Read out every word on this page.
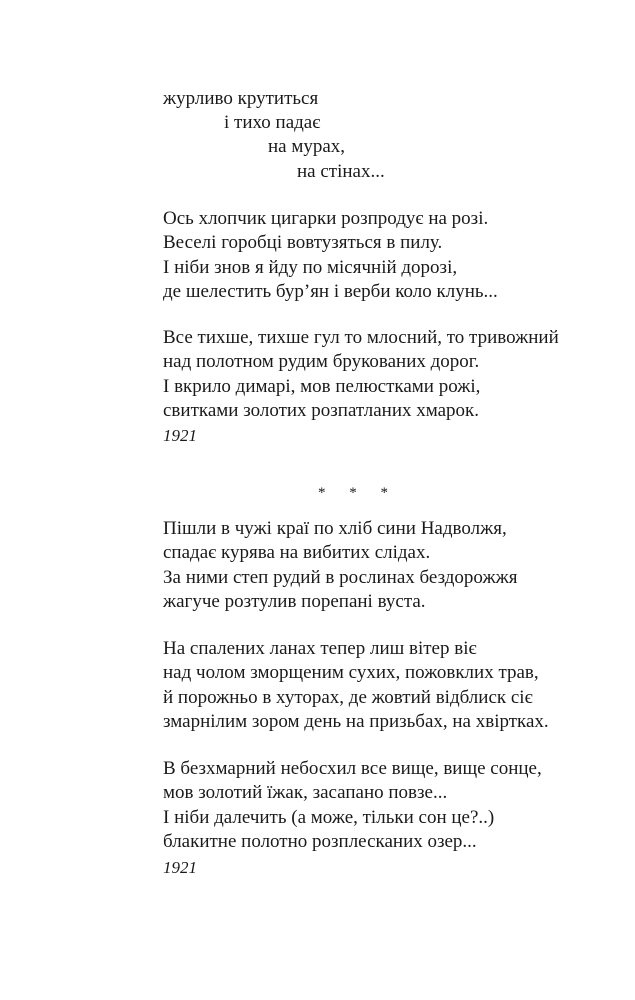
журливо крутиться
і тихо падає
на мурах,
на стінах...
Ось хлопчик цигарки розпродує на розі.
Веселі горобці вовтузяться в пилу.
І ніби знов я йду по місячній дорозі,
де шелестить бур’ян і верби коло клунь...
Все тихше, тихше гул то млосний, то тривожний
над полотном рудим брукованих дорог.
І вкрило димарі, мов пелюстками рожі,
свитками золотих розпатланих хмарок.
1921
* * *
Пішли в чужі краї по хліб сини Надволжя,
спадає курява на вибитих слідах.
За ними степ рудий в рослинах бездорожжя
жагуче розтулив порепані вуста.
На спалених ланах тепер лиш вітер віє
над чолом зморщеним сухих, пожовклих трав,
й порожньо в хуторах, де жовтий відблиск сіє
змарнілим зором день на призьбах, на хвіртках.
В безхмарний небосхил все вище, вище сонце,
мов золотий їжак, засапано повзе...
І ніби далечить (а може, тільки сон це?..)
блакитне полотно розплесканих озер...
1921
